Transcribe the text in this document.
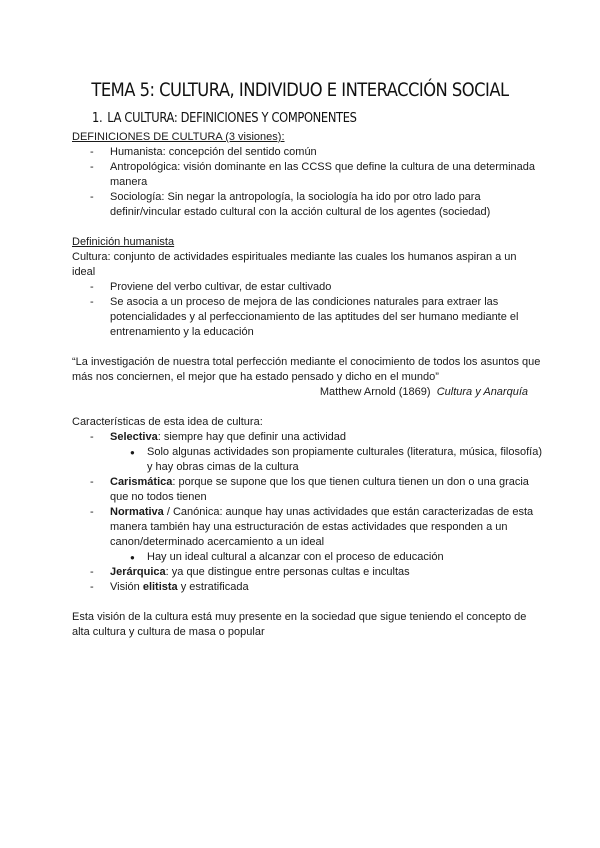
TEMA 5: CULTURA, INDIVIDUO E INTERACCIÓN SOCIAL
1. LA CULTURA: DEFINICIONES Y COMPONENTES

DEFINICIONES DE CULTURA (3 visiones):

- Humanista: concepción del sentido común
- Antropológica: visión dominante en las CCSS que define la cultura de una determinada manera
- Sociología: Sin negar la antropología, la sociología ha ido por otro lado para definir/vincular estado cultural con la acción cultural de los agentes (sociedad)

Definición humanista

Cultura: conjunto de actividades espirituales mediante las cuales los humanos aspiran a un ideal

- Proviene del verbo cultivar, de estar cultivado
- Se asocia a un proceso de mejora de las condiciones naturales para extraer las potencialidades y al perfeccionamiento de las aptitudes del ser humano mediante el entrenamiento y la educación

“La investigación de nuestra total perfección mediante el conocimiento de todos los asuntos que más nos conciernen, el mejor que ha estado pensado y dicho en el mundo”

Matthew Arnold (1869) Cultura y Anarquía

Características de esta idea de cultura:

- Selectiva: siempre hay que definir una actividad
● Solo algunas actividades son propiamente culturales (literatura, música, filosofía) y hay obras cimas de la cultura
- Carismática: porque se supone que los que tienen cultura tienen un don o una gracia que no todos tienen
- Normativa / Canónica: aunque hay unas actividades que están caracterizadas de esta manera también hay una estructuración de estas actividades que responden a un canon/determinado acercamiento a un ideal
● Hay un ideal cultural a alcanzar con el proceso de educación
- Jerárquica: ya que distingue entre personas cultas e incultas
- Visión elitista y estratificada

Esta visión de la cultura está muy presente en la sociedad que sigue teniendo el concepto de alta cultura y cultura de masa o popular
